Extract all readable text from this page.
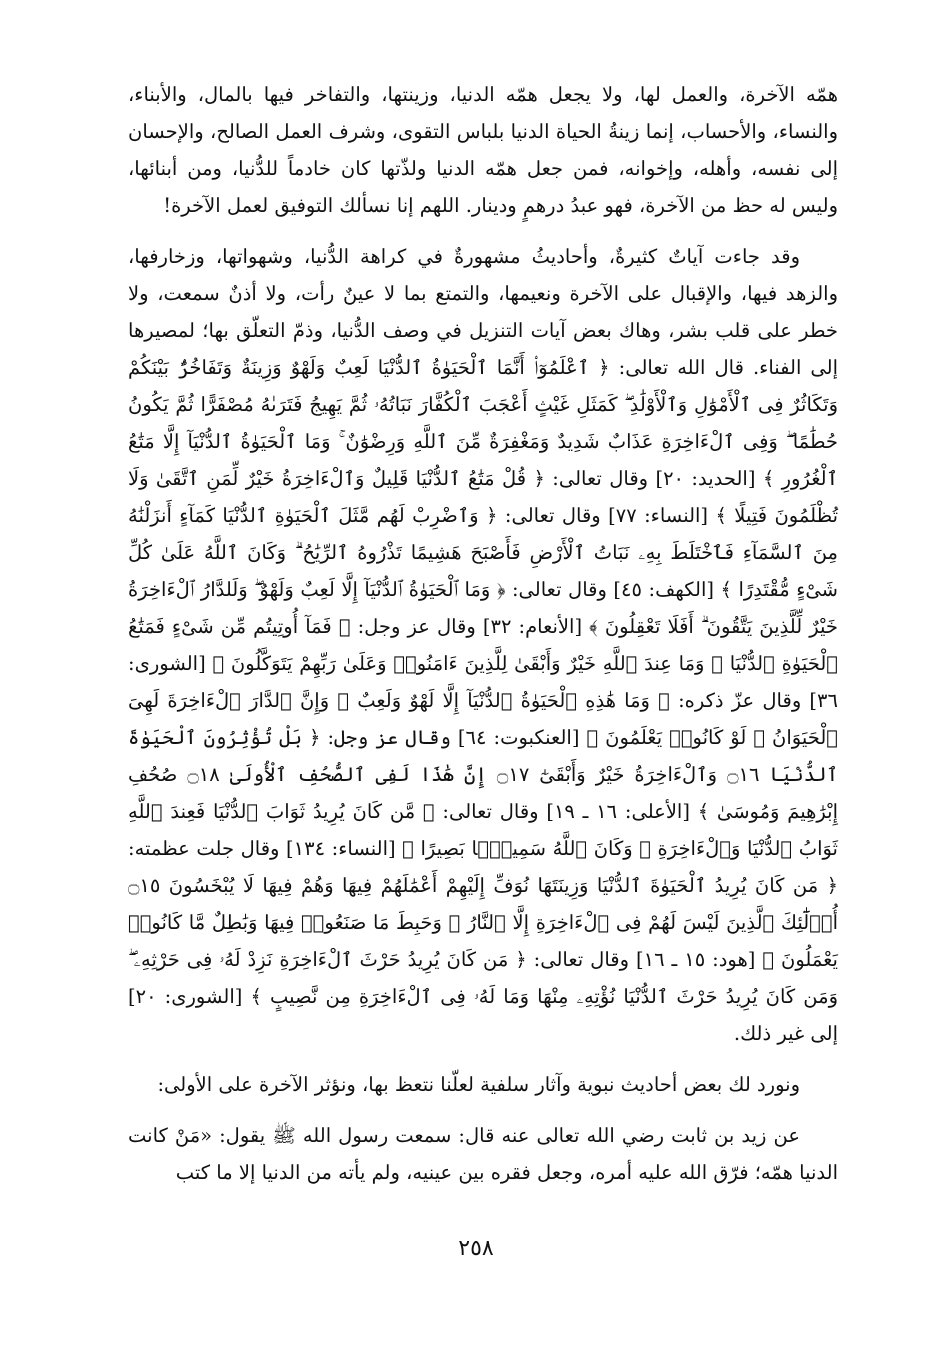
همّه الآخرة، والعمل لها، ولا يجعل همّه الدنيا، وزينتها، والتفاخر فيها بالمال، والأبناء، والنساء، والأحساب، إنما زينةُ الحياة الدنيا بلباس التقوى، وشرف العمل الصالح، والإحسان إلى نفسه، وأهله، وإخوانه، فمن جعل همّه الدنيا ولذّتها كان خادماً للدُّنيا، ومن أبنائها، وليس له حظ من الآخرة، فهو عبدُ درهمٍ ودينار. اللهم إنا نسألك التوفيق لعمل الآخرة!

وقد جاءت آياتٌ كثيرةٌ، وأحاديثُ مشهورةٌ في كراهة الدُّنيا، وشهواتها، وزخارفها، والزهد فيها، والإقبال على الآخرة ونعيمها، والتمتع بما لا عينٌ رأت، ولا أذنٌ سمعت، ولا خطر على قلب بشر، وهاك بعض آيات التنزيل في وصف الدُّنيا، وذمّ التعلّق بها؛ لمصيرها إلى الفناء. قال الله تعالى: ﴿ ٱعْلَمُوٓا۟ أَنَّمَا ٱلْحَيَوٰةُ ٱلدُّنْيَا لَعِبٌ وَلَهْوٌ وَزِينَةٌ وَتَفَاخُرٌۢ بَيْنَكُمْ وَتَكَاثُرٌ فِى ٱلْأَمْوَٰلِ وَٱلْأَوْلَٰدِ ۖ كَمَثَلِ غَيْثٍ أَعْجَبَ ٱلْكُفَّارَ نَبَاتُهُۥ ثُمَّ يَهِيجُ فَتَرَىٰهُ مُصْفَرًّا ثُمَّ يَكُونُ حُطَٰمًا ۖ وَفِى ٱلْءَاخِرَةِ عَذَابٌ شَدِيدٌ وَمَغْفِرَةٌ مِّنَ ٱللَّهِ وَرِضْوَٰنٌ ۚ وَمَا ٱلْحَيَوٰةُ ٱلدُّنْيَآ إِلَّا مَتَٰعُ ٱلْغُرُورِ ﴾ [الحديد: ٢٠] وقال تعالى: ﴿ قُلْ مَتَٰعُ ٱلدُّنْيَا قَلِيلٌ وَٱلْءَاخِرَةُ خَيْرٌ لِّمَنِ ٱتَّقَىٰ وَلَا تُظْلَمُونَ فَتِيلًا ﴾ [النساء: ٧٧] وقال تعالى: ﴿ وَٱضْرِبْ لَهُم مَّثَلَ ٱلْحَيَوٰةِ ٱلدُّنْيَا كَمَآءٍ أَنزَلْنَٰهُ مِنَ ٱلسَّمَآءِ فَٱخْتَلَطَ بِهِۦ نَبَاتُ ٱلْأَرْضِ فَأَصْبَحَ هَشِيمًا تَذْرُوهُ ٱلرِّيَٰحُ ۗ وَكَانَ ٱللَّهُ عَلَىٰ كُلِّ شَىْءٍ مُّقْتَدِرًا ﴾ [الكهف: ٤٥] وقال تعالى: ﴿ وَمَا ٱلْحَيَوٰةُ ٱلدُّنْيَآ إِلَّا لَعِبٌ وَلَهْوٌ ۖ وَلَلدَّارُ ٱلْءَاخِرَةُ خَيْرٌ لِّلَّذِينَ يَتَّقُونَ ۗ أَفَلَا تَعْقِلُونَ ﴾ [الأنعام: ٣٢] وقال عز وجل: ﴿ فَمَآ أُوتِيتُم مِّن شَىْءٍ فَمَتَٰعُ ٱلْحَيَوٰةِ ٱلدُّنْيَا ۖ وَمَا عِندَ ٱللَّهِ خَيْرٌ وَأَبْقَىٰ لِلَّذِينَ ءَامَنُوا۟ وَعَلَىٰ رَبِّهِمْ يَتَوَكَّلُونَ ﴾ [الشورى: ٣٦] وقال عزّ ذكره: ﴿ وَمَا هَٰذِهِ ٱلْحَيَوٰةُ ٱلدُّنْيَآ إِلَّا لَهْوٌ وَلَعِبٌ ۚ وَإِنَّ ٱلدَّارَ ٱلْءَاخِرَةَ لَهِىَ ٱلْحَيَوَانُ ۚ لَوْ كَانُوا۟ يَعْلَمُونَ ﴾ [العنكبوت: ٦٤] وقال عز وجل: ﴿ بَلْ تُؤْثِرُونَ ٱلْحَيَوٰةَ ٱلدُّنْيَا ۝١٦ وَٱلْءَاخِرَةُ خَيْرٌ وَأَبْقَىٰٓ ۝١٧ إِنَّ هَٰذَا لَفِى ٱلصُّحُفِ ٱلْأُولَىٰ ۝١٨ صُحُفِ إِبْرَٰهِيمَ وَمُوسَىٰ ﴾ [الأعلى: ١٦ ـ ١٩] وقال تعالى: ﴿ مَّن كَانَ يُرِيدُ ثَوَابَ ٱلدُّنْيَا فَعِندَ ٱللَّهِ ثَوَابُ ٱلدُّنْيَا وَٱلْءَاخِرَةِ ۚ وَكَانَ ٱللَّهُ سَمِيعًۢا بَصِيرًا ﴾ [النساء: ١٣٤] وقال جلت عظمته: ﴿ مَن كَانَ يُرِيدُ ٱلْحَيَوٰةَ ٱلدُّنْيَا وَزِينَتَهَا نُوَفِّ إِلَيْهِمْ أَعْمَٰلَهُمْ فِيهَا وَهُمْ فِيهَا لَا يُبْخَسُونَ ۝١٥ أُو۟لَٰٓئِكَ ٱلَّذِينَ لَيْسَ لَهُمْ فِى ٱلْءَاخِرَةِ إِلَّا ٱلنَّارُ ۖ وَحَبِطَ مَا صَنَعُوا۟ فِيهَا وَبَٰطِلٌ مَّا كَانُوا۟ يَعْمَلُونَ ﴾ [هود: ١٥ ـ ١٦] وقال تعالى: ﴿ مَن كَانَ يُرِيدُ حَرْثَ ٱلْءَاخِرَةِ نَزِدْ لَهُۥ فِى حَرْثِهِۦ ۖ وَمَن كَانَ يُرِيدُ حَرْثَ ٱلدُّنْيَا نُؤْتِهِۦ مِنْهَا وَمَا لَهُۥ فِى ٱلْءَاخِرَةِ مِن نَّصِيبٍ ﴾ [الشورى: ٢٠] إلى غير ذلك.

ونورد لك بعض أحاديث نبوية وآثار سلفية لعلّنا نتعظ بها، ونؤثر الآخرة على الأولى:

عن زيد بن ثابت رضي الله تعالى عنه قال: سمعت رسول الله ﷺ يقول: «مَنْ كانت الدنيا همّه؛ فرّق الله عليه أمره، وجعل فقره بين عينيه، ولم يأته من الدنيا إلا ما كتب

٢٥٨
